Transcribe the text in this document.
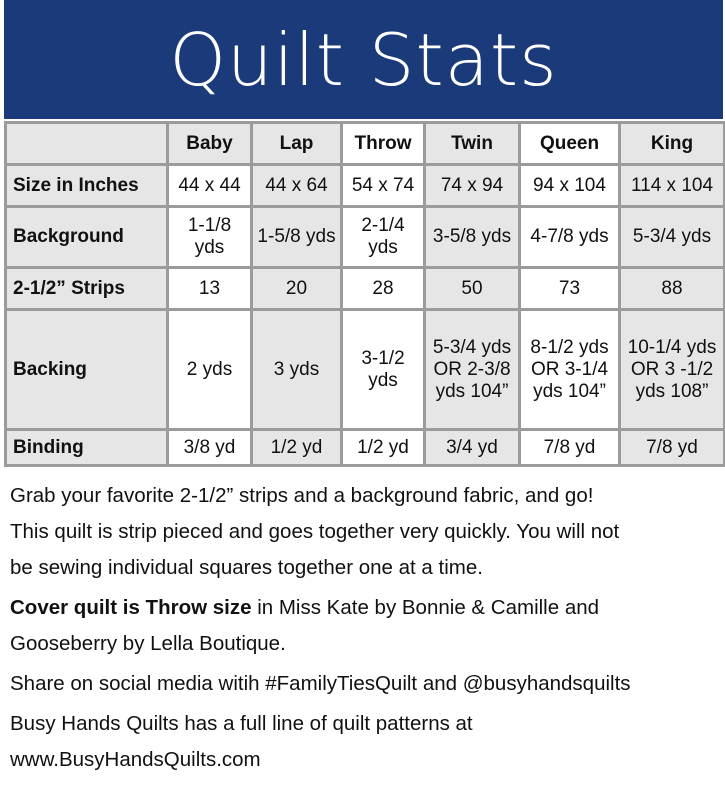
Quilt Stats
	Baby	Lap	Throw	Twin	Queen	King
Size in Inches	44 x 44	44 x 64	54 x 74	74 x 94	94 x 104	114 x 104
Background	1-1/8 yds	1-5/8 yds	2-1/4 yds	3-5/8 yds	4-7/8 yds	5-3/4 yds
2-1/2” Strips	13	20	28	50	73	88
Backing	2 yds	3 yds	3-1/2 yds	5-3/4 yds OR 2-3/8 yds 104”	8-1/2 yds OR 3-1/4 yds 104”	10-1/4 yds OR 3 -1/2 yds 108”
Binding	3/8 yd	1/2 yd	1/2 yd	3/4 yd	7/8 yd	7/8 yd

Grab your favorite 2-1/2” strips and a background fabric, and go!
This quilt is strip pieced and goes together very quickly. You will not
be sewing individual squares together one at a time.

Cover quilt is Throw size in Miss Kate by Bonnie & Camille and
Gooseberry by Lella Boutique.

Share on social media witih #FamilyTiesQuilt and @busyhandsquilts

Busy Hands Quilts has a full line of quilt patterns at
www.BusyHandsQuilts.com
